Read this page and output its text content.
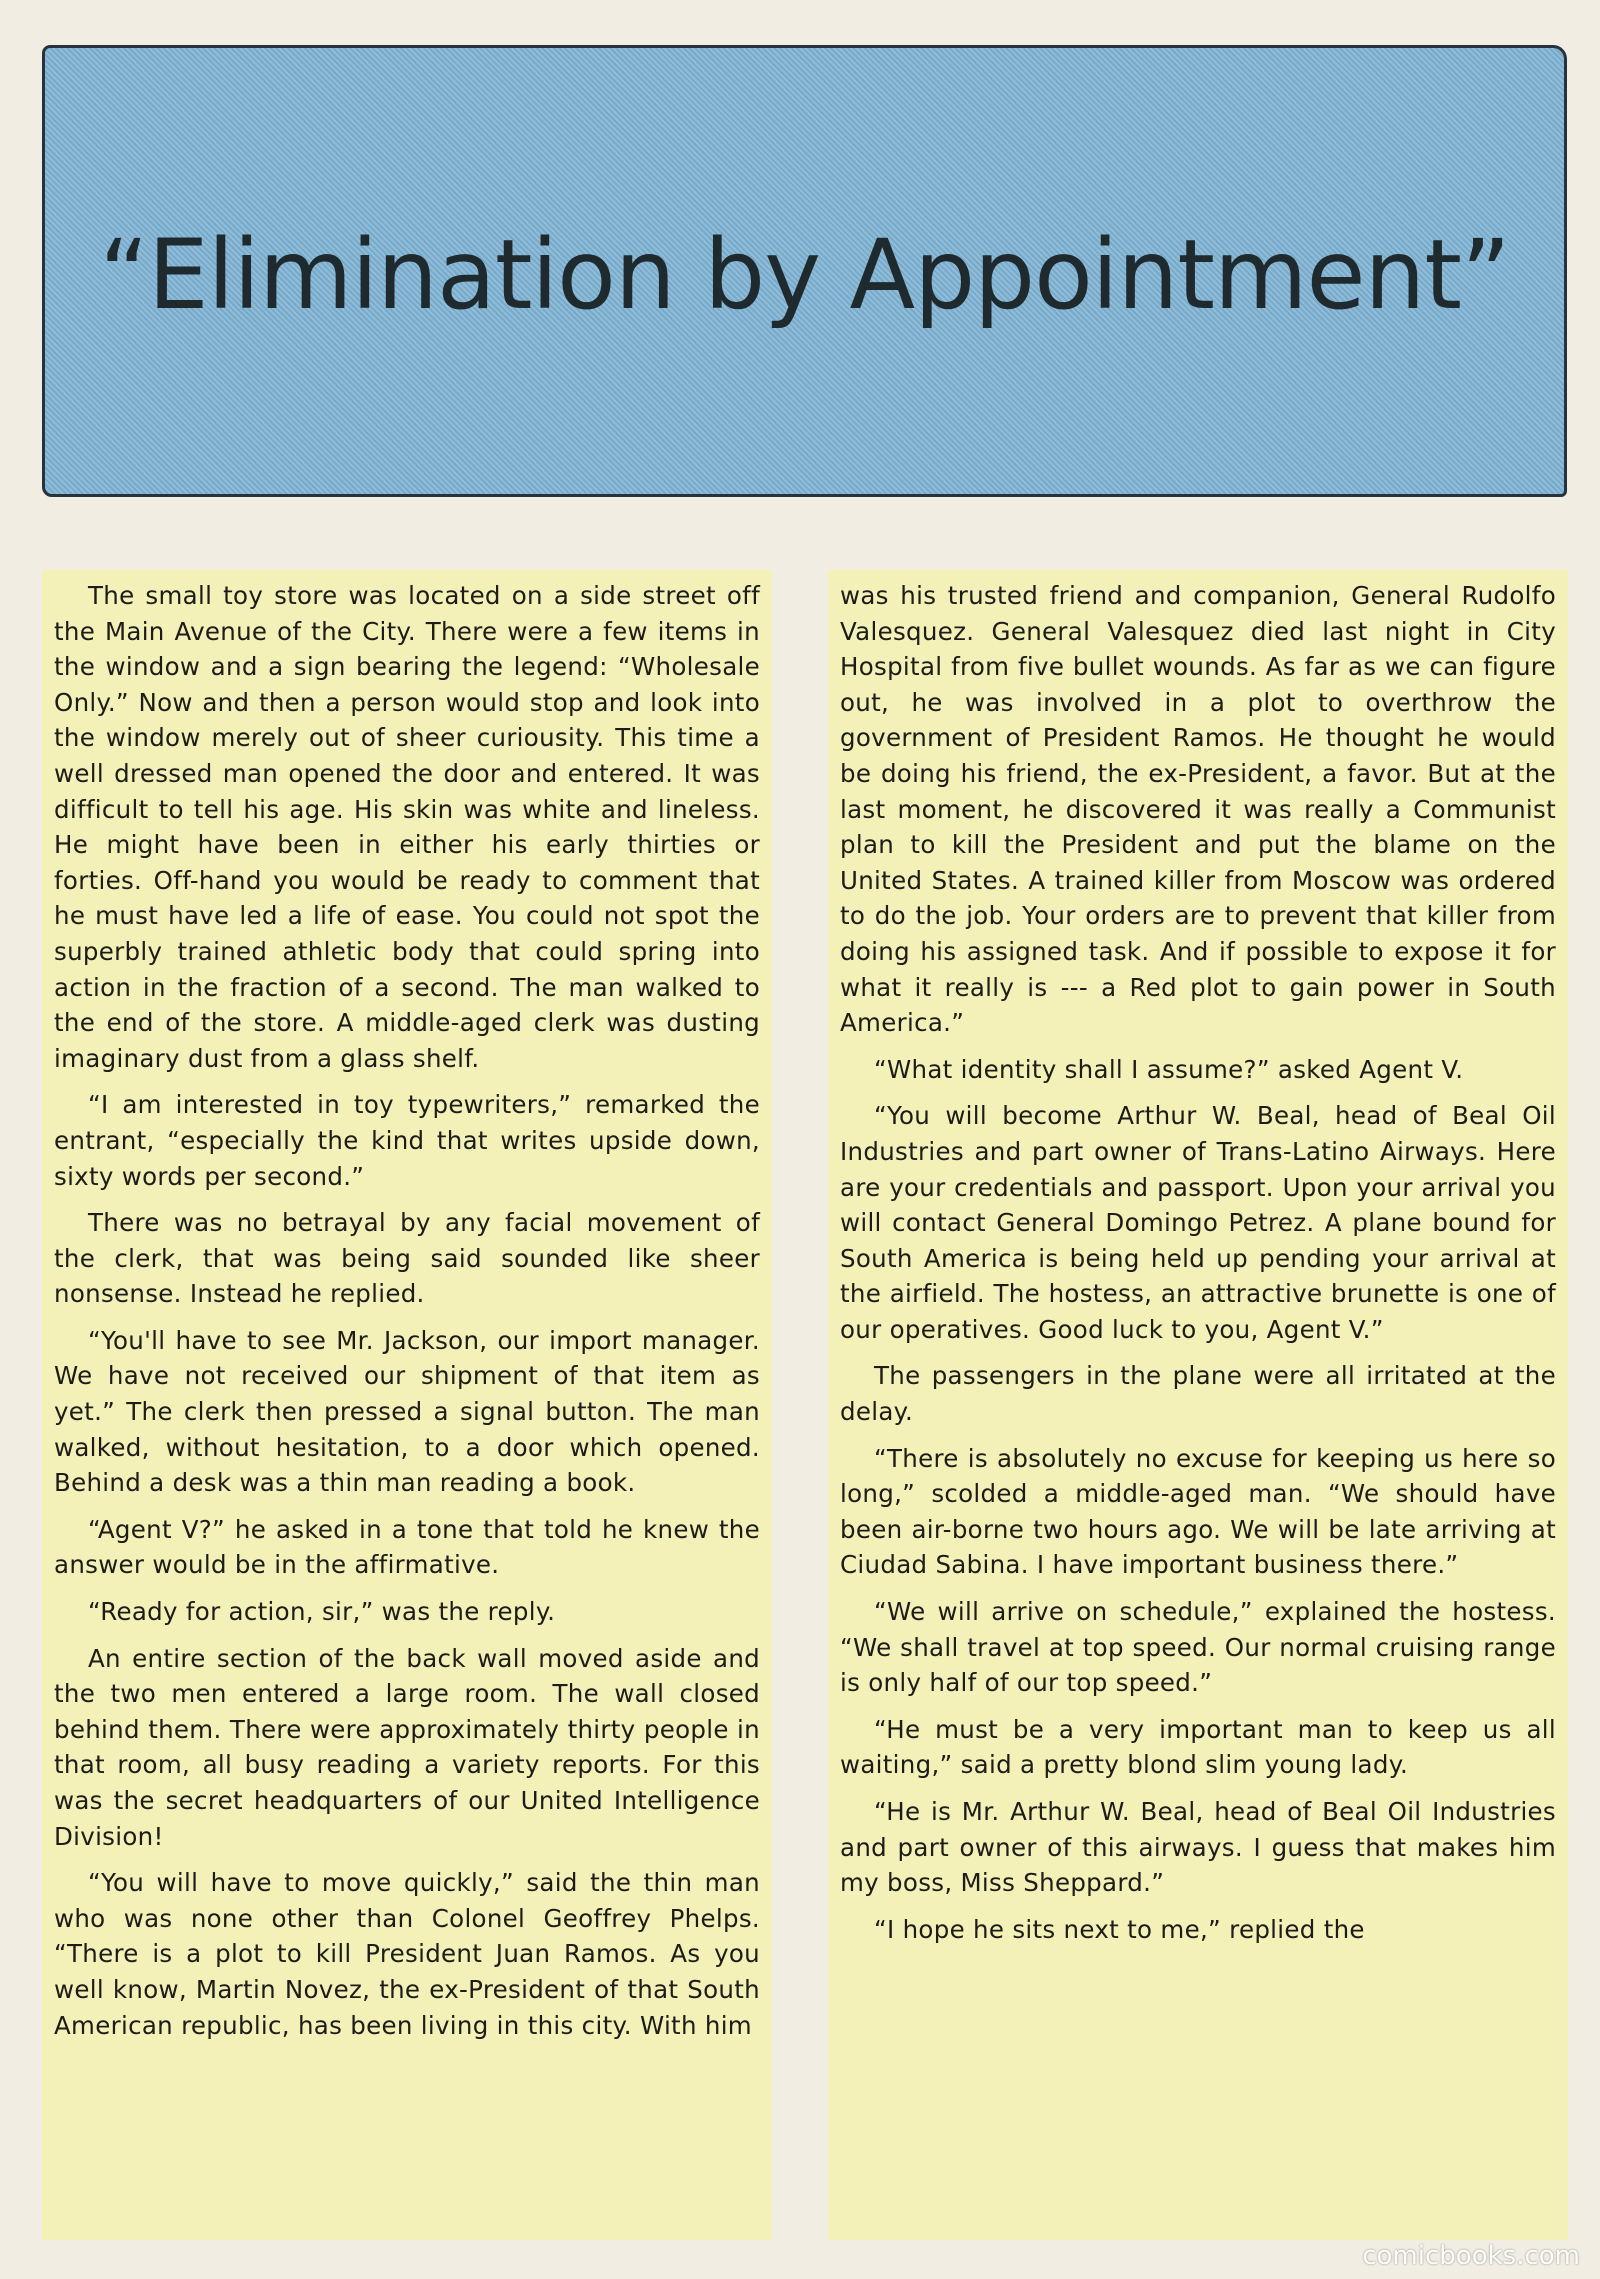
“Elimination by Appointment”

The small toy store was located on a side street off the Main Avenue of the City. There were a few items in the window and a sign bearing the legend: “Wholesale Only.” Now and then a person would stop and look into the window merely out of sheer curiousity. This time a well dressed man opened the door and entered. It was difficult to tell his age. His skin was white and lineless. He might have been in either his early thirties or forties. Off-hand you would be ready to comment that he must have led a life of ease. You could not spot the superbly trained athletic body that could spring into action in the fraction of a second. The man walked to the end of the store. A middle-aged clerk was dusting imaginary dust from a glass shelf.

“I am interested in toy typewriters,” remarked the entrant, “especially the kind that writes upside down, sixty words per second.”

There was no betrayal by any facial movement of the clerk, that was being said sounded like sheer nonsense. Instead he replied.

“You'll have to see Mr. Jackson, our import manager. We have not received our shipment of that item as yet.” The clerk then pressed a signal button. The man walked, without hesitation, to a door which opened. Behind a desk was a thin man reading a book.

“Agent V?” he asked in a tone that told he knew the answer would be in the affirmative.

“Ready for action, sir,” was the reply.

An entire section of the back wall moved aside and the two men entered a large room. The wall closed behind them. There were approximately thirty people in that room, all busy reading a variety reports. For this was the secret headquarters of our United Intelligence Division!

“You will have to move quickly,” said the thin man who was none other than Colonel Geoffrey Phelps. “There is a plot to kill President Juan Ramos. As you well know, Martin Novez, the ex-President of that South American republic, has been living in this city. With him

was his trusted friend and companion, General Rudolfo Valesquez. General Valesquez died last night in City Hospital from five bullet wounds. As far as we can figure out, he was involved in a plot to overthrow the government of President Ramos. He thought he would be doing his friend, the ex-President, a favor. But at the last moment, he discovered it was really a Communist plan to kill the President and put the blame on the United States. A trained killer from Moscow was ordered to do the job. Your orders are to prevent that killer from doing his assigned task. And if possible to expose it for what it really is --- a Red plot to gain power in South America.”

“What identity shall I assume?” asked Agent V.

“You will become Arthur W. Beal, head of Beal Oil Industries and part owner of Trans-Latino Airways. Here are your credentials and passport. Upon your arrival you will contact General Domingo Petrez. A plane bound for South America is being held up pending your arrival at the airfield. The hostess, an attractive brunette is one of our operatives. Good luck to you, Agent V.”

The passengers in the plane were all irritated at the delay.

“There is absolutely no excuse for keeping us here so long,” scolded a middle-aged man. “We should have been air-borne two hours ago. We will be late arriving at Ciudad Sabina. I have important business there.”

“We will arrive on schedule,” explained the hostess. “We shall travel at top speed. Our normal cruising range is only half of our top speed.”

“He must be a very important man to keep us all waiting,” said a pretty blond slim young lady.

“He is Mr. Arthur W. Beal, head of Beal Oil Industries and part owner of this airways. I guess that makes him my boss, Miss Sheppard.”

“I hope he sits next to me,” replied the

comicbooks.com
